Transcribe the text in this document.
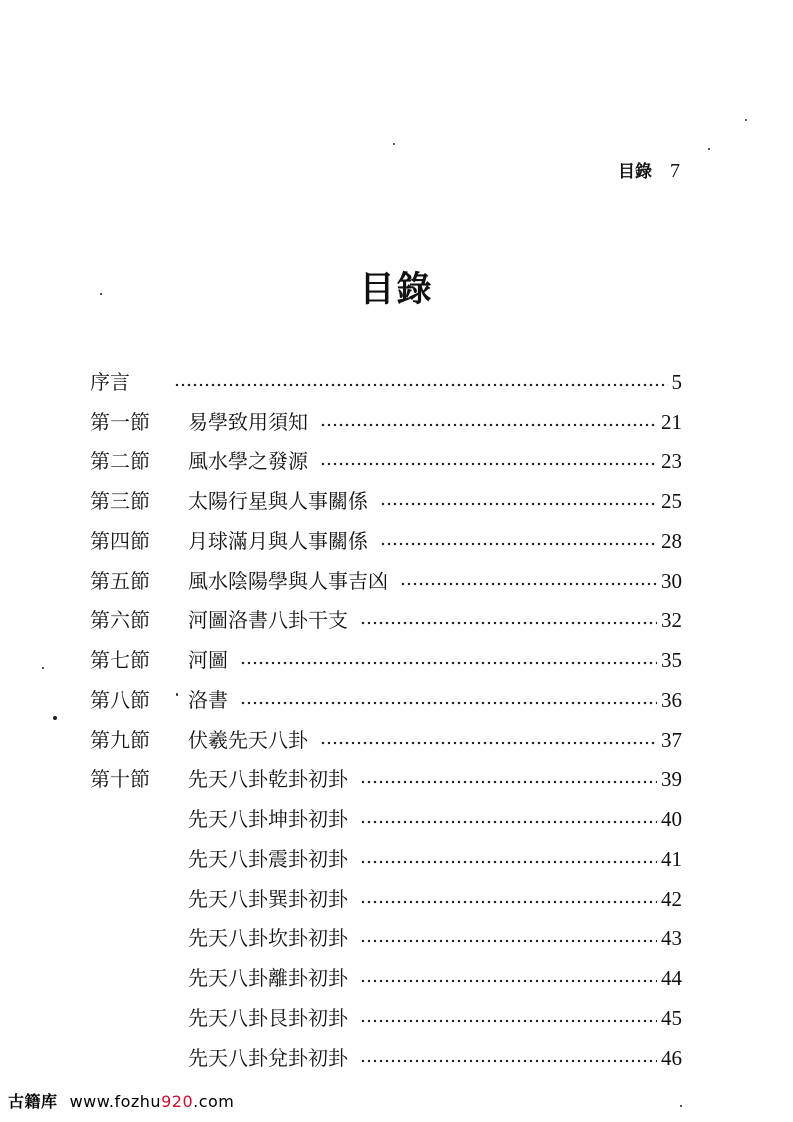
目錄 7
目錄
序言	5
第一節	易學致用須知	21
第二節	風水學之發源	23
第三節	太陽行星與人事關係	25
第四節	月球滿月與人事關係	28
第五節	風水陰陽學與人事吉凶	30
第六節	河圖洛書八卦干支	32
第七節	河圖	35
第八節	洛書	36
第九節	伏羲先天八卦	37
第十節	先天八卦乾卦初卦	39
先天八卦坤卦初卦	40
先天八卦震卦初卦	41
先天八卦巽卦初卦	42
先天八卦坎卦初卦	43
先天八卦離卦初卦	44
先天八卦艮卦初卦	45
先天八卦兌卦初卦	46
古籍库 www.fozhu920.com
